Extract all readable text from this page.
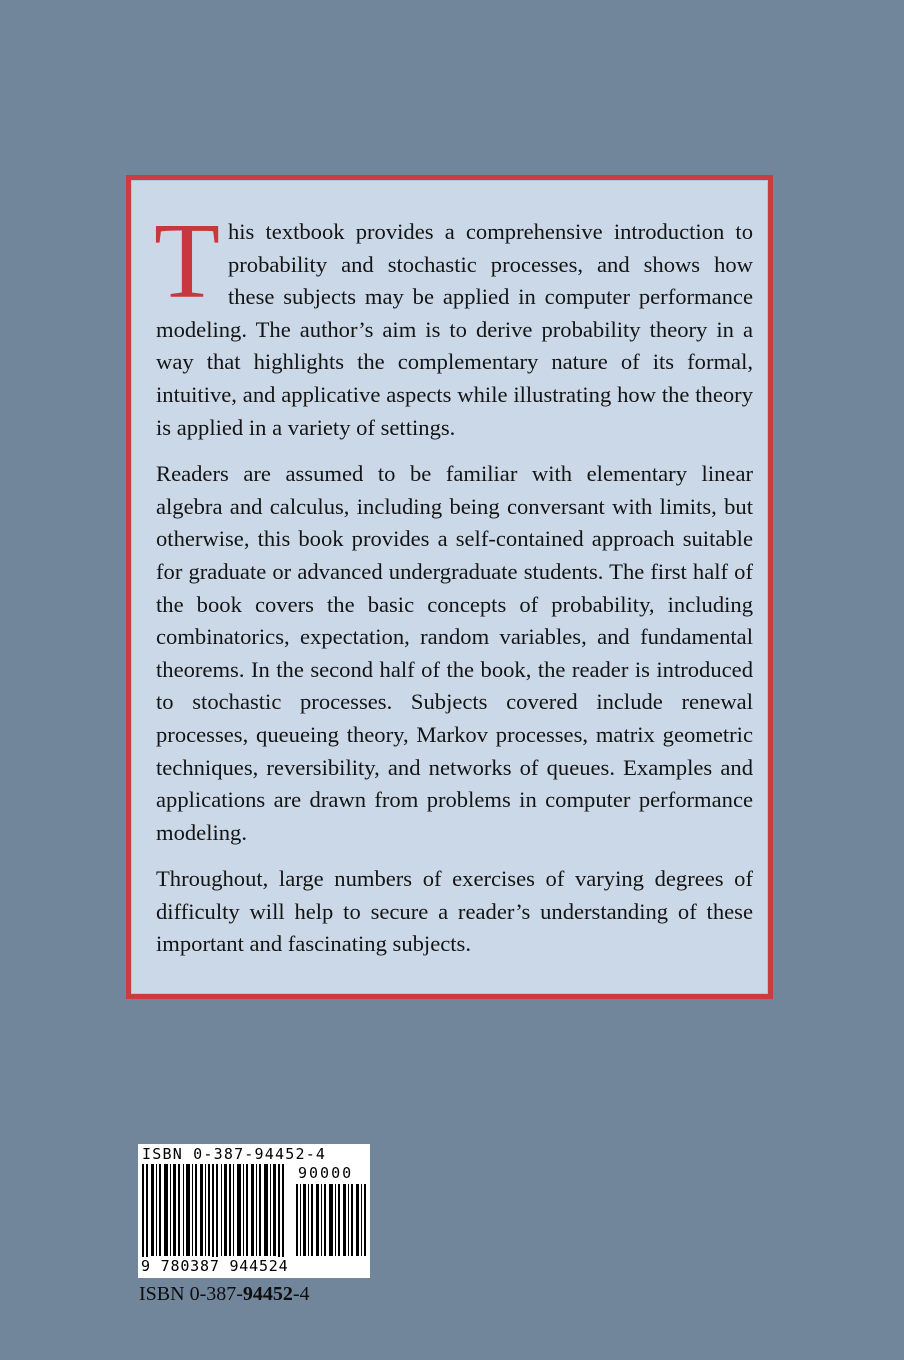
This textbook provides a comprehensive introduction to probability and stochastic processes, and shows how these subjects may be applied in computer performance modeling. The author’s aim is to derive probability theory in a way that highlights the complementary nature of its formal, intuitive, and applicative aspects while illustrating how the theory is applied in a variety of settings.

Readers are assumed to be familiar with elementary linear algebra and calculus, including being conversant with limits, but otherwise, this book provides a self-contained approach suitable for graduate or advanced undergraduate students. The first half of the book covers the basic concepts of probability, including combinatorics, expectation, random variables, and fundamental theorems. In the second half of the book, the reader is introduced to stochastic processes. Subjects covered include renewal processes, queueing theory, Markov processes, matrix geometric techniques, reversibility, and networks of queues. Examples and applications are drawn from problems in computer performance modeling.

Throughout, large numbers of exercises of varying degrees of difficulty will help to secure a reader’s understanding of these important and fascinating subjects.

ISBN 0-387-94452-4
90000
9 780387 944524
ISBN 0-387-94452-4
